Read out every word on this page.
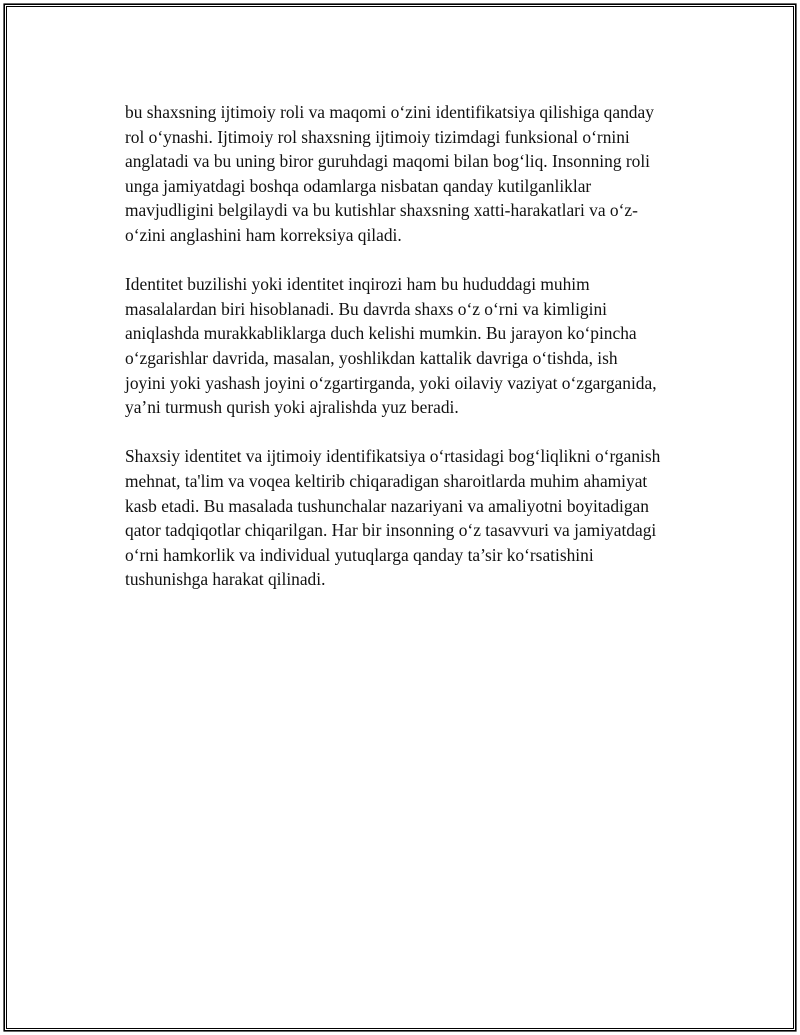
bu shaxsning ijtimoiy roli va maqomi o‘zini identifikatsiya qilishiga qanday
rol o‘ynashi. Ijtimoiy rol shaxsning ijtimoiy tizimdagi funksional o‘rnini
anglatadi va bu uning biror guruhdagi maqomi bilan bog‘liq. Insonning roli
unga jamiyatdagi boshqa odamlarga nisbatan qanday kutilganliklar
mavjudligini belgilaydi va bu kutishlar shaxsning xatti-harakatlari va o‘z-
o‘zini anglashini ham korreksiya qiladi.

Identitet buzilishi yoki identitet inqirozi ham bu hududdagi muhim
masalalardan biri hisoblanadi. Bu davrda shaxs o‘z o‘rni va kimligini
aniqlashda murakkabliklarga duch kelishi mumkin. Bu jarayon ko‘pincha
o‘zgarishlar davrida, masalan, yoshlikdan kattalik davriga o‘tishda, ish
joyini yoki yashash joyini o‘zgartirganda, yoki oilaviy vaziyat o‘zgarganida,
ya’ni turmush qurish yoki ajralishda yuz beradi.

Shaxsiy identitet va ijtimoiy identifikatsiya o‘rtasidagi bog‘liqlikni o‘rganish
mehnat, ta'lim va voqea keltirib chiqaradigan sharoitlarda muhim ahamiyat
kasb etadi. Bu masalada tushunchalar nazariyani va amaliyotni boyitadigan
qator tadqiqotlar chiqarilgan. Har bir insonning o‘z tasavvuri va jamiyatdagi
o‘rni hamkorlik va individual yutuqlarga qanday ta’sir ko‘rsatishini
tushunishga harakat qilinadi.
